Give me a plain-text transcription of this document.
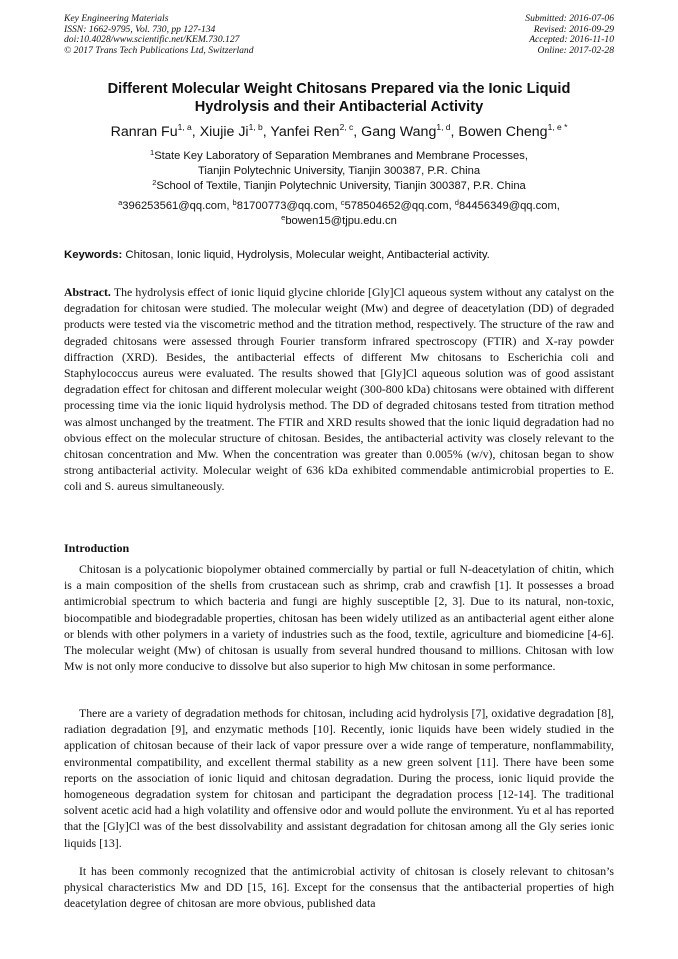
Key Engineering Materials
ISSN: 1662-9795, Vol. 730, pp 127-134
doi:10.4028/www.scientific.net/KEM.730.127
© 2017 Trans Tech Publications Ltd, Switzerland
Submitted: 2016-07-06
Revised: 2016-09-29
Accepted: 2016-11-10
Online: 2017-02-28
Different Molecular Weight Chitosans Prepared via the Ionic Liquid
Hydrolysis and their Antibacterial Activity
Ranran Fu$^{1, a}$, Xiujie Ji$^{1, b}$, Yanfei Ren$^{2, c}$, Gang Wang$^{1, d}$, Bowen Cheng$^{1, e *}$
$^1$State Key Laboratory of Separation Membranes and Membrane Processes,
Tianjin Polytechnic University, Tianjin 300387, P.R. China
$^2$School of Textile, Tianjin Polytechnic University, Tianjin 300387, P.R. China
$^a$396253561@qq.com, $^b$81700773@qq.com, $^c$578504652@qq.com, $^d$84456349@qq.com,
$^e$bowen15@tjpu.edu.cn
Keywords: Chitosan, Ionic liquid, Hydrolysis, Molecular weight, Antibacterial activity.

Abstract. The hydrolysis effect of ionic liquid glycine chloride [Gly]Cl aqueous system without any catalyst on the degradation for chitosan were studied. The molecular weight (Mw) and degree of deacetylation (DD) of degraded products were tested via the viscometric method and the titration method, respectively. The structure of the raw and degraded chitosans were assessed through Fourier transform infrared spectroscopy (FTIR) and X-ray powder diffraction (XRD). Besides, the antibacterial effects of different Mw chitosans to Escherichia coli and Staphylococcus aureus were evaluated. The results showed that [Gly]Cl aqueous solution was of good assistant degradation effect for chitosan and different molecular weight (300-800 kDa) chitosans were obtained with different processing time via the ionic liquid hydrolysis method. The DD of degraded chitosans tested from titration method was almost unchanged by the treatment. The FTIR and XRD results showed that the ionic liquid degradation had no obvious effect on the molecular structure of chitosan. Besides, the antibacterial activity was closely relevant to the chitosan concentration and Mw. When the concentration was greater than 0.005% (w/v), chitosan began to show strong antibacterial activity. Molecular weight of 636 kDa exhibited commendable antimicrobial properties to E. coli and S. aureus simultaneously.

Introduction

Chitosan is a polycationic biopolymer obtained commercially by partial or full N-deacetylation of chitin, which is a main composition of the shells from crustacean such as shrimp, crab and crawfish [1]. It possesses a broad antimicrobial spectrum to which bacteria and fungi are highly susceptible [2, 3]. Due to its natural, non-toxic, biocompatible and biodegradable properties, chitosan has been widely utilized as an antibacterial agent either alone or blends with other polymers in a variety of industries such as the food, textile, agriculture and biomedicine [4-6]. The molecular weight (Mw) of chitosan is usually from several hundred thousand to millions. Chitosan with low Mw is not only more conducive to dissolve but also superior to high Mw chitosan in some performance.

There are a variety of degradation methods for chitosan, including acid hydrolysis [7], oxidative degradation [8], radiation degradation [9], and enzymatic methods [10]. Recently, ionic liquids have been widely studied in the application of chitosan because of their lack of vapor pressure over a wide range of temperature, nonflammability, environmental compatibility, and excellent thermal stability as a new green solvent [11]. There have been some reports on the association of ionic liquid and chitosan degradation. During the process, ionic liquid provide the homogeneous degradation system for chitosan and participant the degradation process [12-14]. The traditional solvent acetic acid had a high volatility and offensive odor and would pollute the environment. Yu et al has reported that the [Gly]Cl was of the best dissolvability and assistant degradation for chitosan among all the Gly series ionic liquids [13].

It has been commonly recognized that the antimicrobial activity of chitosan is closely relevant to chitosan’s physical characteristics Mw and DD [15, 16]. Except for the consensus that the antibacterial properties of high deacetylation degree of chitosan are more obvious, published data
